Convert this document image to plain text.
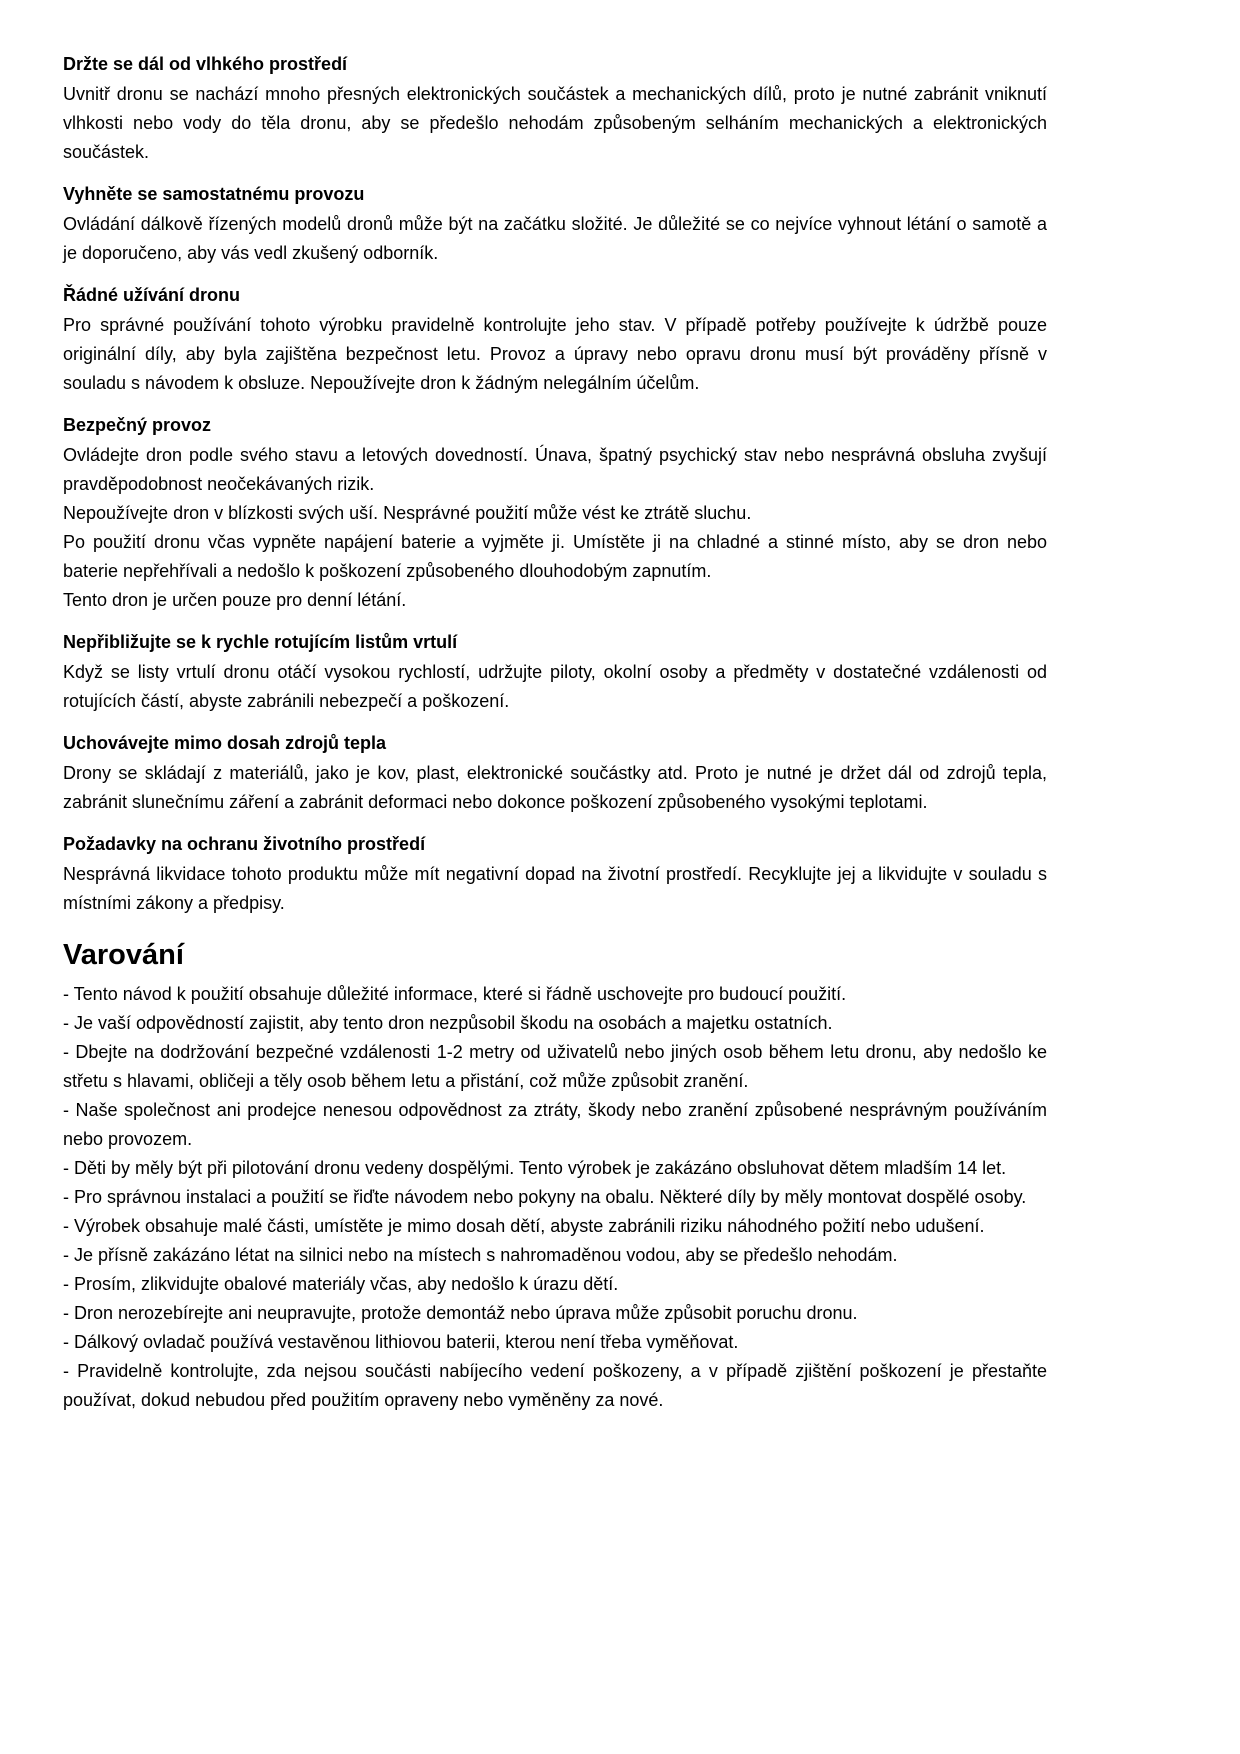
Držte se dál od vlhkého prostředí

Uvnitř dronu se nachází mnoho přesných elektronických součástek a mechanických dílů, proto je nutné zabránit vniknutí vlhkosti nebo vody do těla dronu, aby se předešlo nehodám způsobeným selháním mechanických a elektronických součástek.

Vyhněte se samostatnému provozu

Ovládání dálkově řízených modelů dronů může být na začátku složité. Je důležité se co nejvíce vyhnout létání o samotě a je doporučeno, aby vás vedl zkušený odborník.

Řádné užívání dronu

Pro správné používání tohoto výrobku pravidelně kontrolujte jeho stav. V případě potřeby používejte k údržbě pouze originální díly, aby byla zajištěna bezpečnost letu. Provoz a úpravy nebo opravu dronu musí být prováděny přísně v souladu s návodem k obsluze. Nepoužívejte dron k žádným nelegálním účelům.

Bezpečný provoz

Ovládejte dron podle svého stavu a letových dovedností. Únava, špatný psychický stav nebo nesprávná obsluha zvyšují pravděpodobnost neočekávaných rizik.

Nepoužívejte dron v blízkosti svých uší. Nesprávné použití může vést ke ztrátě sluchu.

Po použití dronu včas vypněte napájení baterie a vyjměte ji. Umístěte ji na chladné a stinné místo, aby se dron nebo baterie nepřehřívali a nedošlo k poškození způsobeného dlouhodobým zapnutím.

Tento dron je určen pouze pro denní létání.

Nepřibližujte se k rychle rotujícím listům vrtulí

Když se listy vrtulí dronu otáčí vysokou rychlostí, udržujte piloty, okolní osoby a předměty v dostatečné vzdálenosti od rotujících částí, abyste zabránili nebezpečí a poškození.

Uchovávejte mimo dosah zdrojů tepla

Drony se skládají z materiálů, jako je kov, plast, elektronické součástky atd. Proto je nutné je držet dál od zdrojů tepla, zabránit slunečnímu záření a zabránit deformaci nebo dokonce poškození způsobeného vysokými teplotami.

Požadavky na ochranu životního prostředí

Nesprávná likvidace tohoto produktu může mít negativní dopad na životní prostředí. Recyklujte jej a likvidujte v souladu s místními zákony a předpisy.

Varování

- Tento návod k použití obsahuje důležité informace, které si řádně uschovejte pro budoucí použití.

- Je vaší odpovědností zajistit, aby tento dron nezpůsobil škodu na osobách a majetku ostatních.

- Dbejte na dodržování bezpečné vzdálenosti 1-2 metry od uživatelů nebo jiných osob během letu dronu, aby nedošlo ke střetu s hlavami, obličeji a těly osob během letu a přistání, což může způsobit zranění.

- Naše společnost ani prodejce nenesou odpovědnost za ztráty, škody nebo zranění způsobené nesprávným používáním nebo provozem.

- Děti by měly být při pilotování dronu vedeny dospělými. Tento výrobek je zakázáno obsluhovat dětem mladším 14 let.

- Pro správnou instalaci a použití se řiďte návodem nebo pokyny na obalu. Některé díly by měly montovat dospělé osoby.

- Výrobek obsahuje malé části, umístěte je mimo dosah dětí, abyste zabránili riziku náhodného požití nebo udušení.

- Je přísně zakázáno létat na silnici nebo na místech s nahromaděnou vodou, aby se předešlo nehodám.

- Prosím, zlikvidujte obalové materiály včas, aby nedošlo k úrazu dětí.

- Dron nerozebírejte ani neupravujte, protože demontáž nebo úprava může způsobit poruchu dronu.

- Dálkový ovladač používá vestavěnou lithiovou baterii, kterou není třeba vyměňovat.

- Pravidelně kontrolujte, zda nejsou součásti nabíjecího vedení poškozeny, a v případě zjištění poškození je přestaňte používat, dokud nebudou před použitím opraveny nebo vyměněny za nové.
